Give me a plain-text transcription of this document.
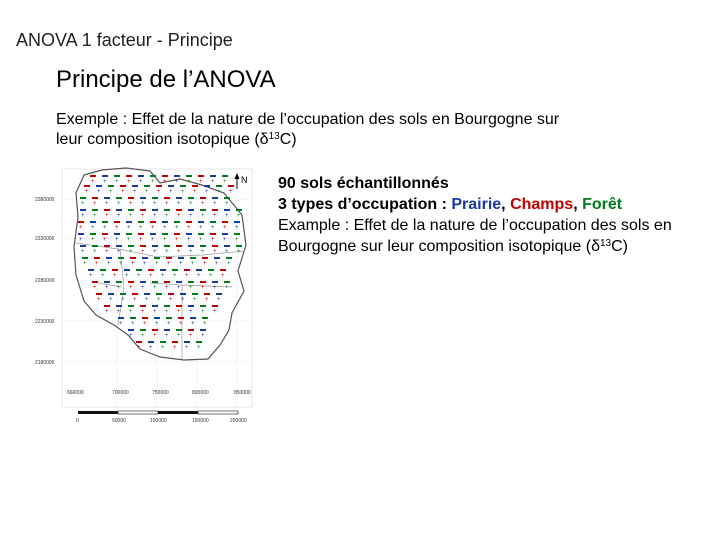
ANOVA 1 facteur - Principe
Principe de l’ANOVA
Exemple : Effet de la nature de l’occupation des sols en Bourgogne sur
leur composition isotopique $(\delta^{13}C)$
N
2380000
2330000
2280000
2230000
2180000
660000	700000	750000	800000	850000
0	50000	100000	150000	200000
+ + + + + + + + + + + +
+ + + + + + + + + + + + +
+ + + + + + + + + + + + +
+ + + + + + + + + + + + + +
+ + + + + + + + + + + + + +
+ + + + + + + + + + + + + +
+ + + + + + + + + + + + + +
+ + + + + + + + + + + + +
+ + + + + + + + + + + +
+ + + + + + + + + + + +
+ + + + + + + + + + +
+ + + + + + + + + +
+ + + + + + + +
+ + + + + + +
+ + + + + +
90 sols échantillonnés
3 types d’occupation : Prairie, Champs, Forêt
Example : Effet de la nature de l’occupation des sols en Bourgogne sur leur composition isotopique $(\delta^{13}C)$
